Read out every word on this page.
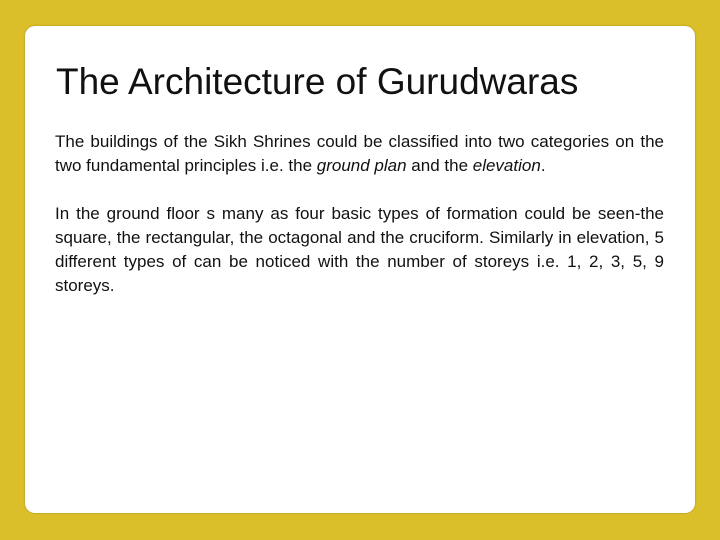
The Architecture of Gurudwaras

The buildings of the Sikh Shrines could be classified into two categories on the two fundamental principles i.e. the ground plan and the elevation.

In the ground floor s many as four basic types of formation could be seen-the square, the rectangular, the octagonal and the cruciform. Similarly in elevation, 5 different types of can be noticed with the number of storeys i.e. 1, 2, 3, 5, 9 storeys.
